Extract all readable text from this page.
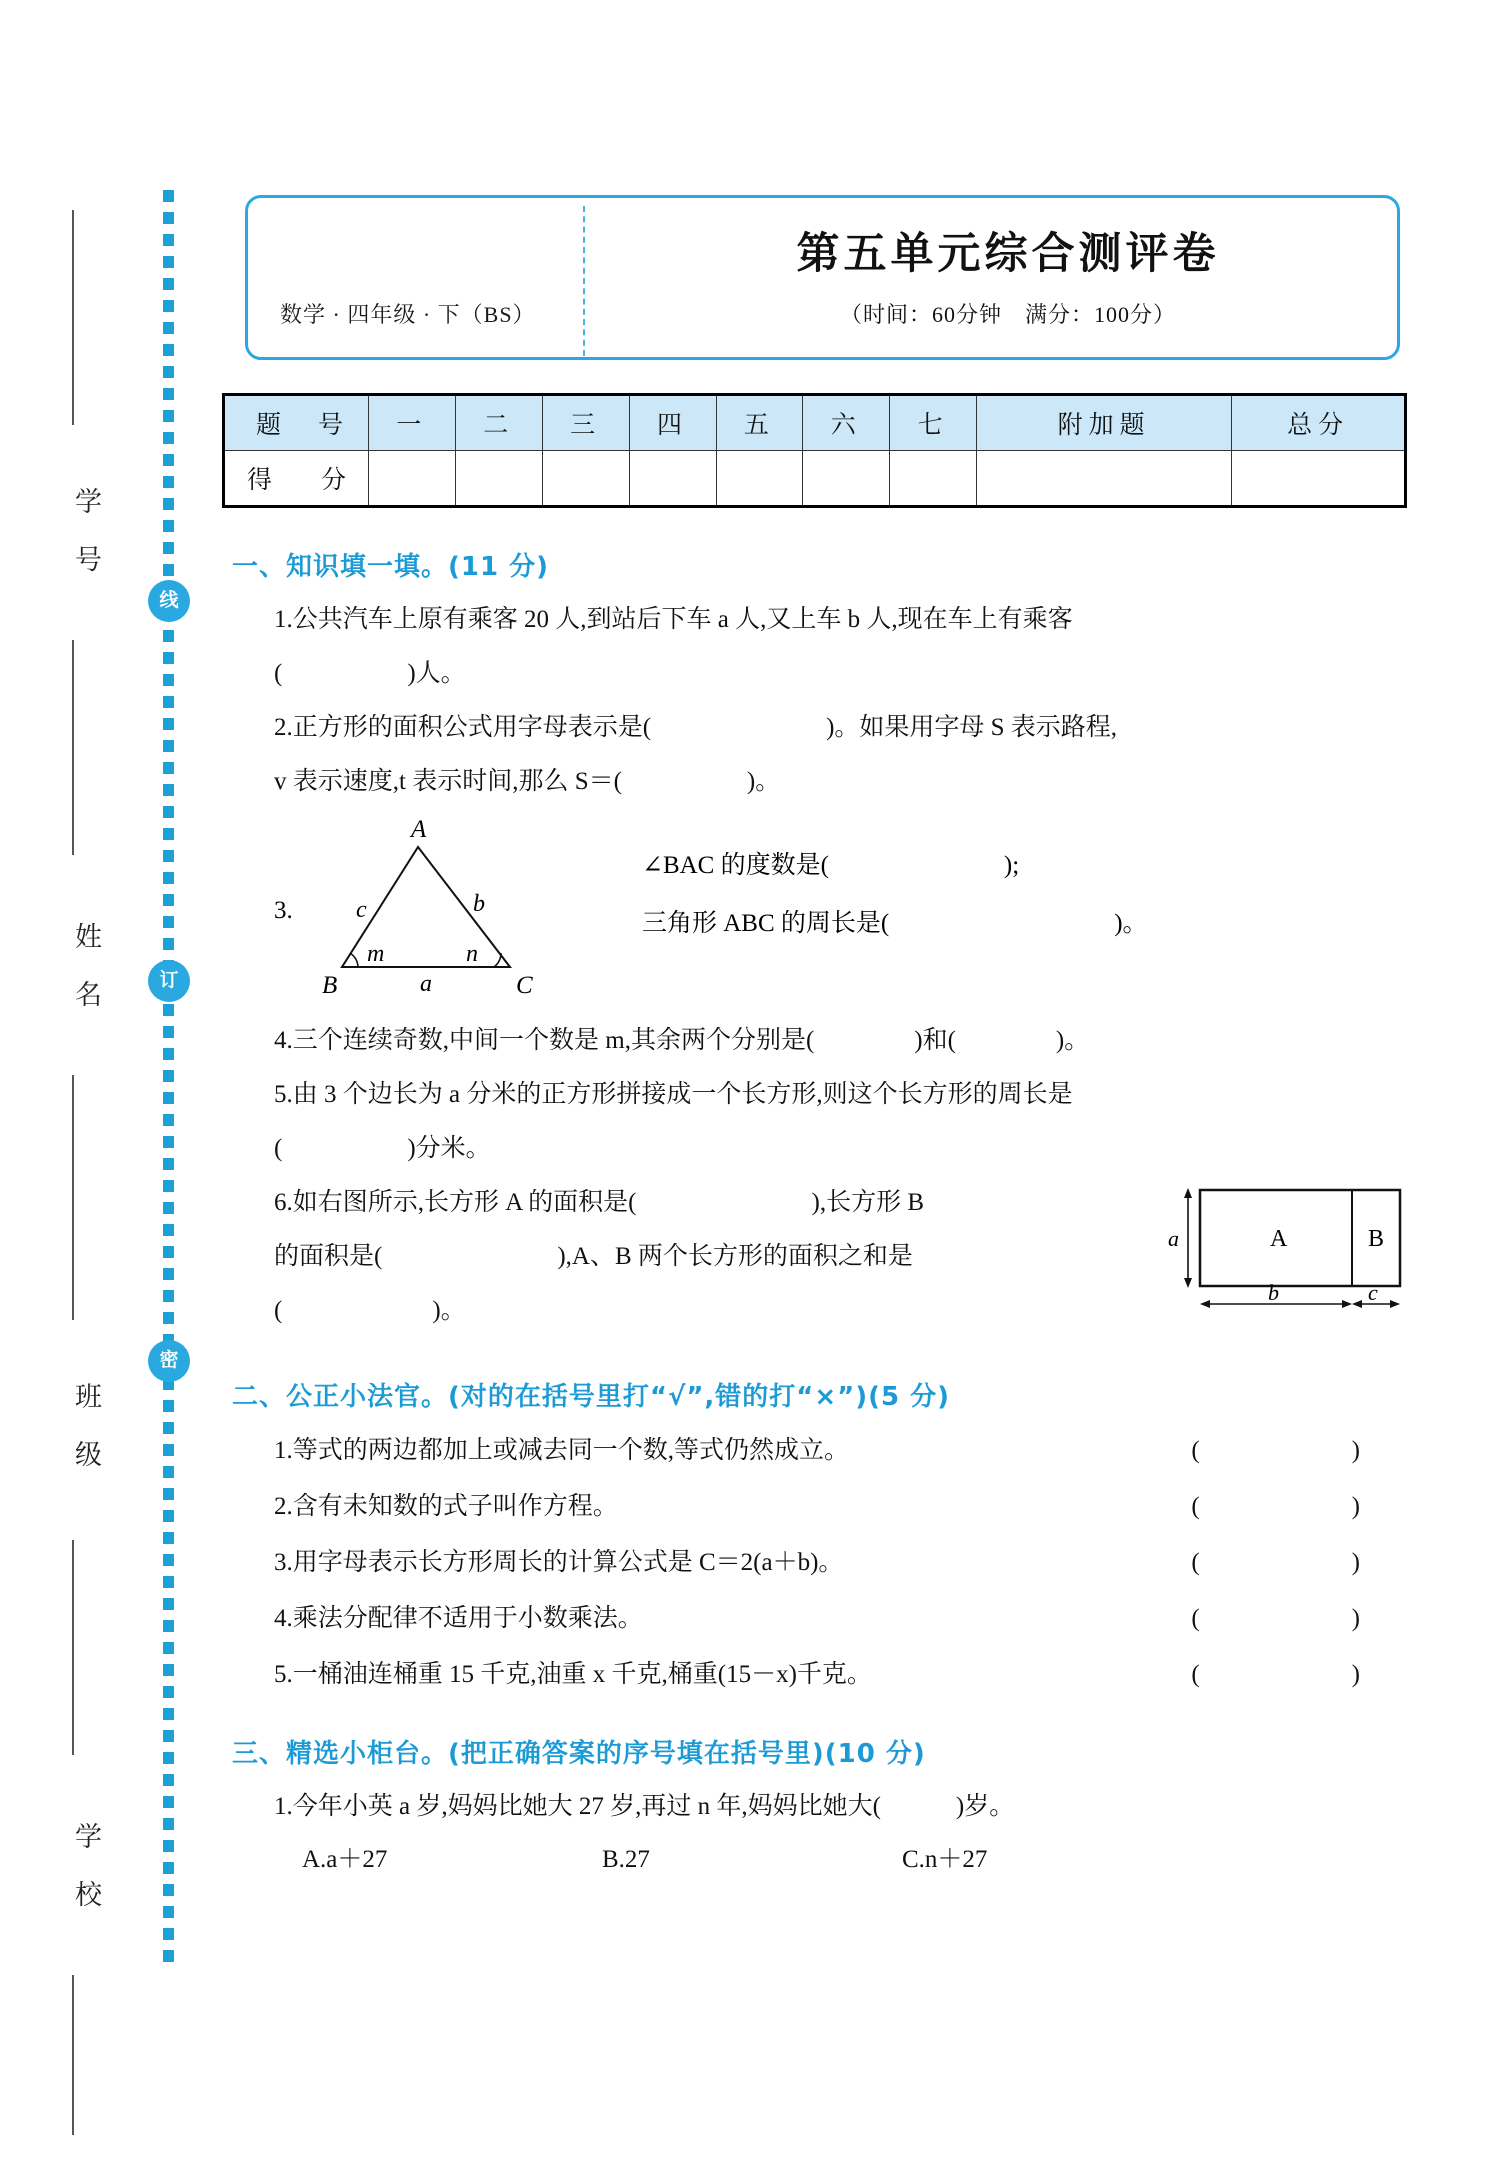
线
订
密
学　号
姓　名
班　级
学　校
数学 · 四年级 · 下（BS）
第五单元综合测评卷
（时间：60分钟　满分：100分）
题　号	一	二	三	四	五	六	七	附加题	总分
得　分									
一、知识填一填。(11 分)
1.公共汽车上原有乘客 20 人,到站后下车 a 人,又上车 b 人,现在车上有乘客
(　　　　　)人。
2.正方形的面积公式用字母表示是(　　　　　　　)。如果用字母 S 表示路程,
v 表示速度,t 表示时间,那么 S＝(　　　　　)。
3.
A
B	C
c	b
a
m	n
∠BAC 的度数是(　　　　　　　);
三角形 ABC 的周长是(　　　　　　　　　)。
4.三个连续奇数,中间一个数是 m,其余两个分别是(　　　　)和(　　　　)。
5.由 3 个边长为 a 分米的正方形拼接成一个长方形,则这个长方形的周长是
(　　　　　)分米。
6.如右图所示,长方形 A 的面积是(　　　　　　　),长方形 B
的面积是(　　　　　　　),A、B 两个长方形的面积之和是
(　　　　　　)。
a
b	c
A	B
二、公正小法官。(对的在括号里打“√”,错的打“×”)(5 分)
1.等式的两边都加上或减去同一个数,等式仍然成立。	(　　)
2.含有未知数的式子叫作方程。	(　　)
3.用字母表示长方形周长的计算公式是 C＝2(a＋b)。	(　　)
4.乘法分配律不适用于小数乘法。	(　　)
5.一桶油连桶重 15 千克,油重 x 千克,桶重(15－x)千克。	(　　)
三、精选小柜台。(把正确答案的序号填在括号里)(10 分)
1.今年小英 a 岁,妈妈比她大 27 岁,再过 n 年,妈妈比她大(　　　)岁。
A.a＋27	B.27	C.n＋27
